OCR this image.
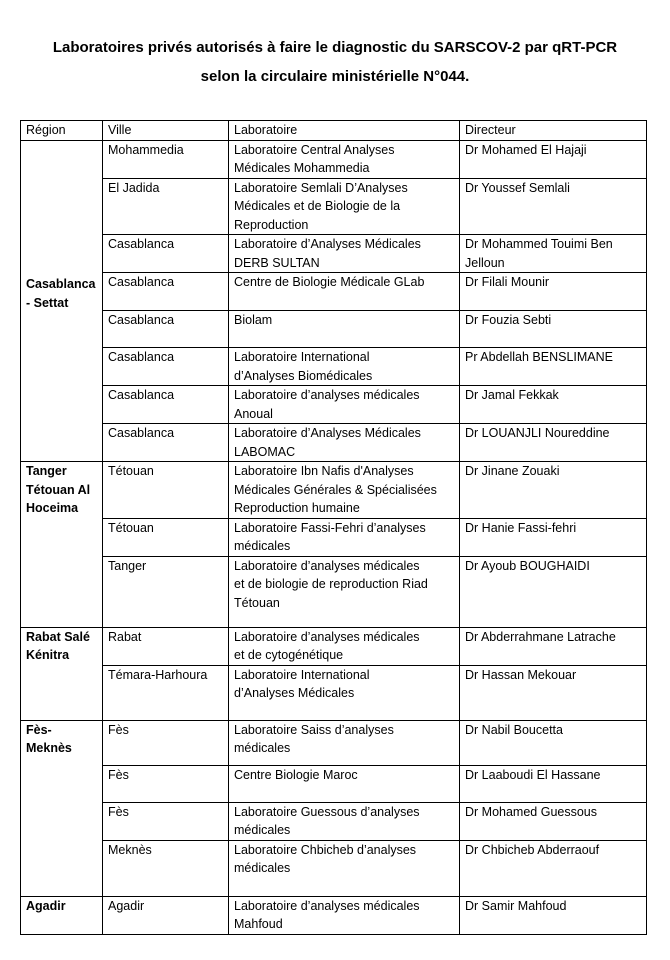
Laboratoires privés autorisés à faire le diagnostic du SARSCOV-2 par qRT-PCR
selon la circulaire ministérielle N°044.
Région	Ville	Laboratoire	Directeur

Casablanca
- Settat	Mohammedia	Laboratoire Central Analyses
Médicales Mohammedia	Dr Mohamed El Hajaji
	El Jadida	Laboratoire Semlali D’Analyses
Médicales et de Biologie de la
Reproduction	Dr Youssef Semlali
	Casablanca	Laboratoire d’Analyses Médicales
DERB SULTAN	Dr Mohammed Touimi Ben
Jelloun
	Casablanca	Centre de Biologie Médicale GLab	Dr Filali Mounir
	Casablanca	Biolam	Dr Fouzia Sebti
	Casablanca	Laboratoire International
d’Analyses Biomédicales	Pr Abdellah BENSLIMANE
	Casablanca	Laboratoire d’analyses médicales
Anoual	Dr Jamal Fekkak
	Casablanca	Laboratoire d’Analyses Médicales
LABOMAC	Dr LOUANJLI Noureddine
Tanger
Tétouan Al
Hoceima	Tétouan	Laboratoire Ibn Nafis d'Analyses
Médicales Générales & Spécialisées
Reproduction humaine	Dr Jinane Zouaki
	Tétouan	Laboratoire Fassi-Fehri d’analyses
médicales	Dr Hanie Fassi-fehri
	Tanger	Laboratoire d’analyses médicales
et de biologie de reproduction Riad
Tétouan	Dr Ayoub BOUGHAIDI
Rabat Salé
Kénitra	Rabat	Laboratoire d’analyses médicales
et de cytogénétique	Dr Abderrahmane Latrache
	Témara-Harhoura	Laboratoire International
d’Analyses Médicales	Dr Hassan Mekouar
Fès-
Meknès	Fès	Laboratoire Saiss d’analyses
médicales	Dr Nabil Boucetta
	Fès	Centre Biologie Maroc	Dr Laaboudi El Hassane
	Fès	Laboratoire Guessous d’analyses
médicales	Dr Mohamed Guessous
	Meknès	Laboratoire Chbicheb d’analyses
médicales	Dr Chbicheb Abderraouf
Agadir	Agadir	Laboratoire d’analyses médicales
Mahfoud	Dr Samir Mahfoud
